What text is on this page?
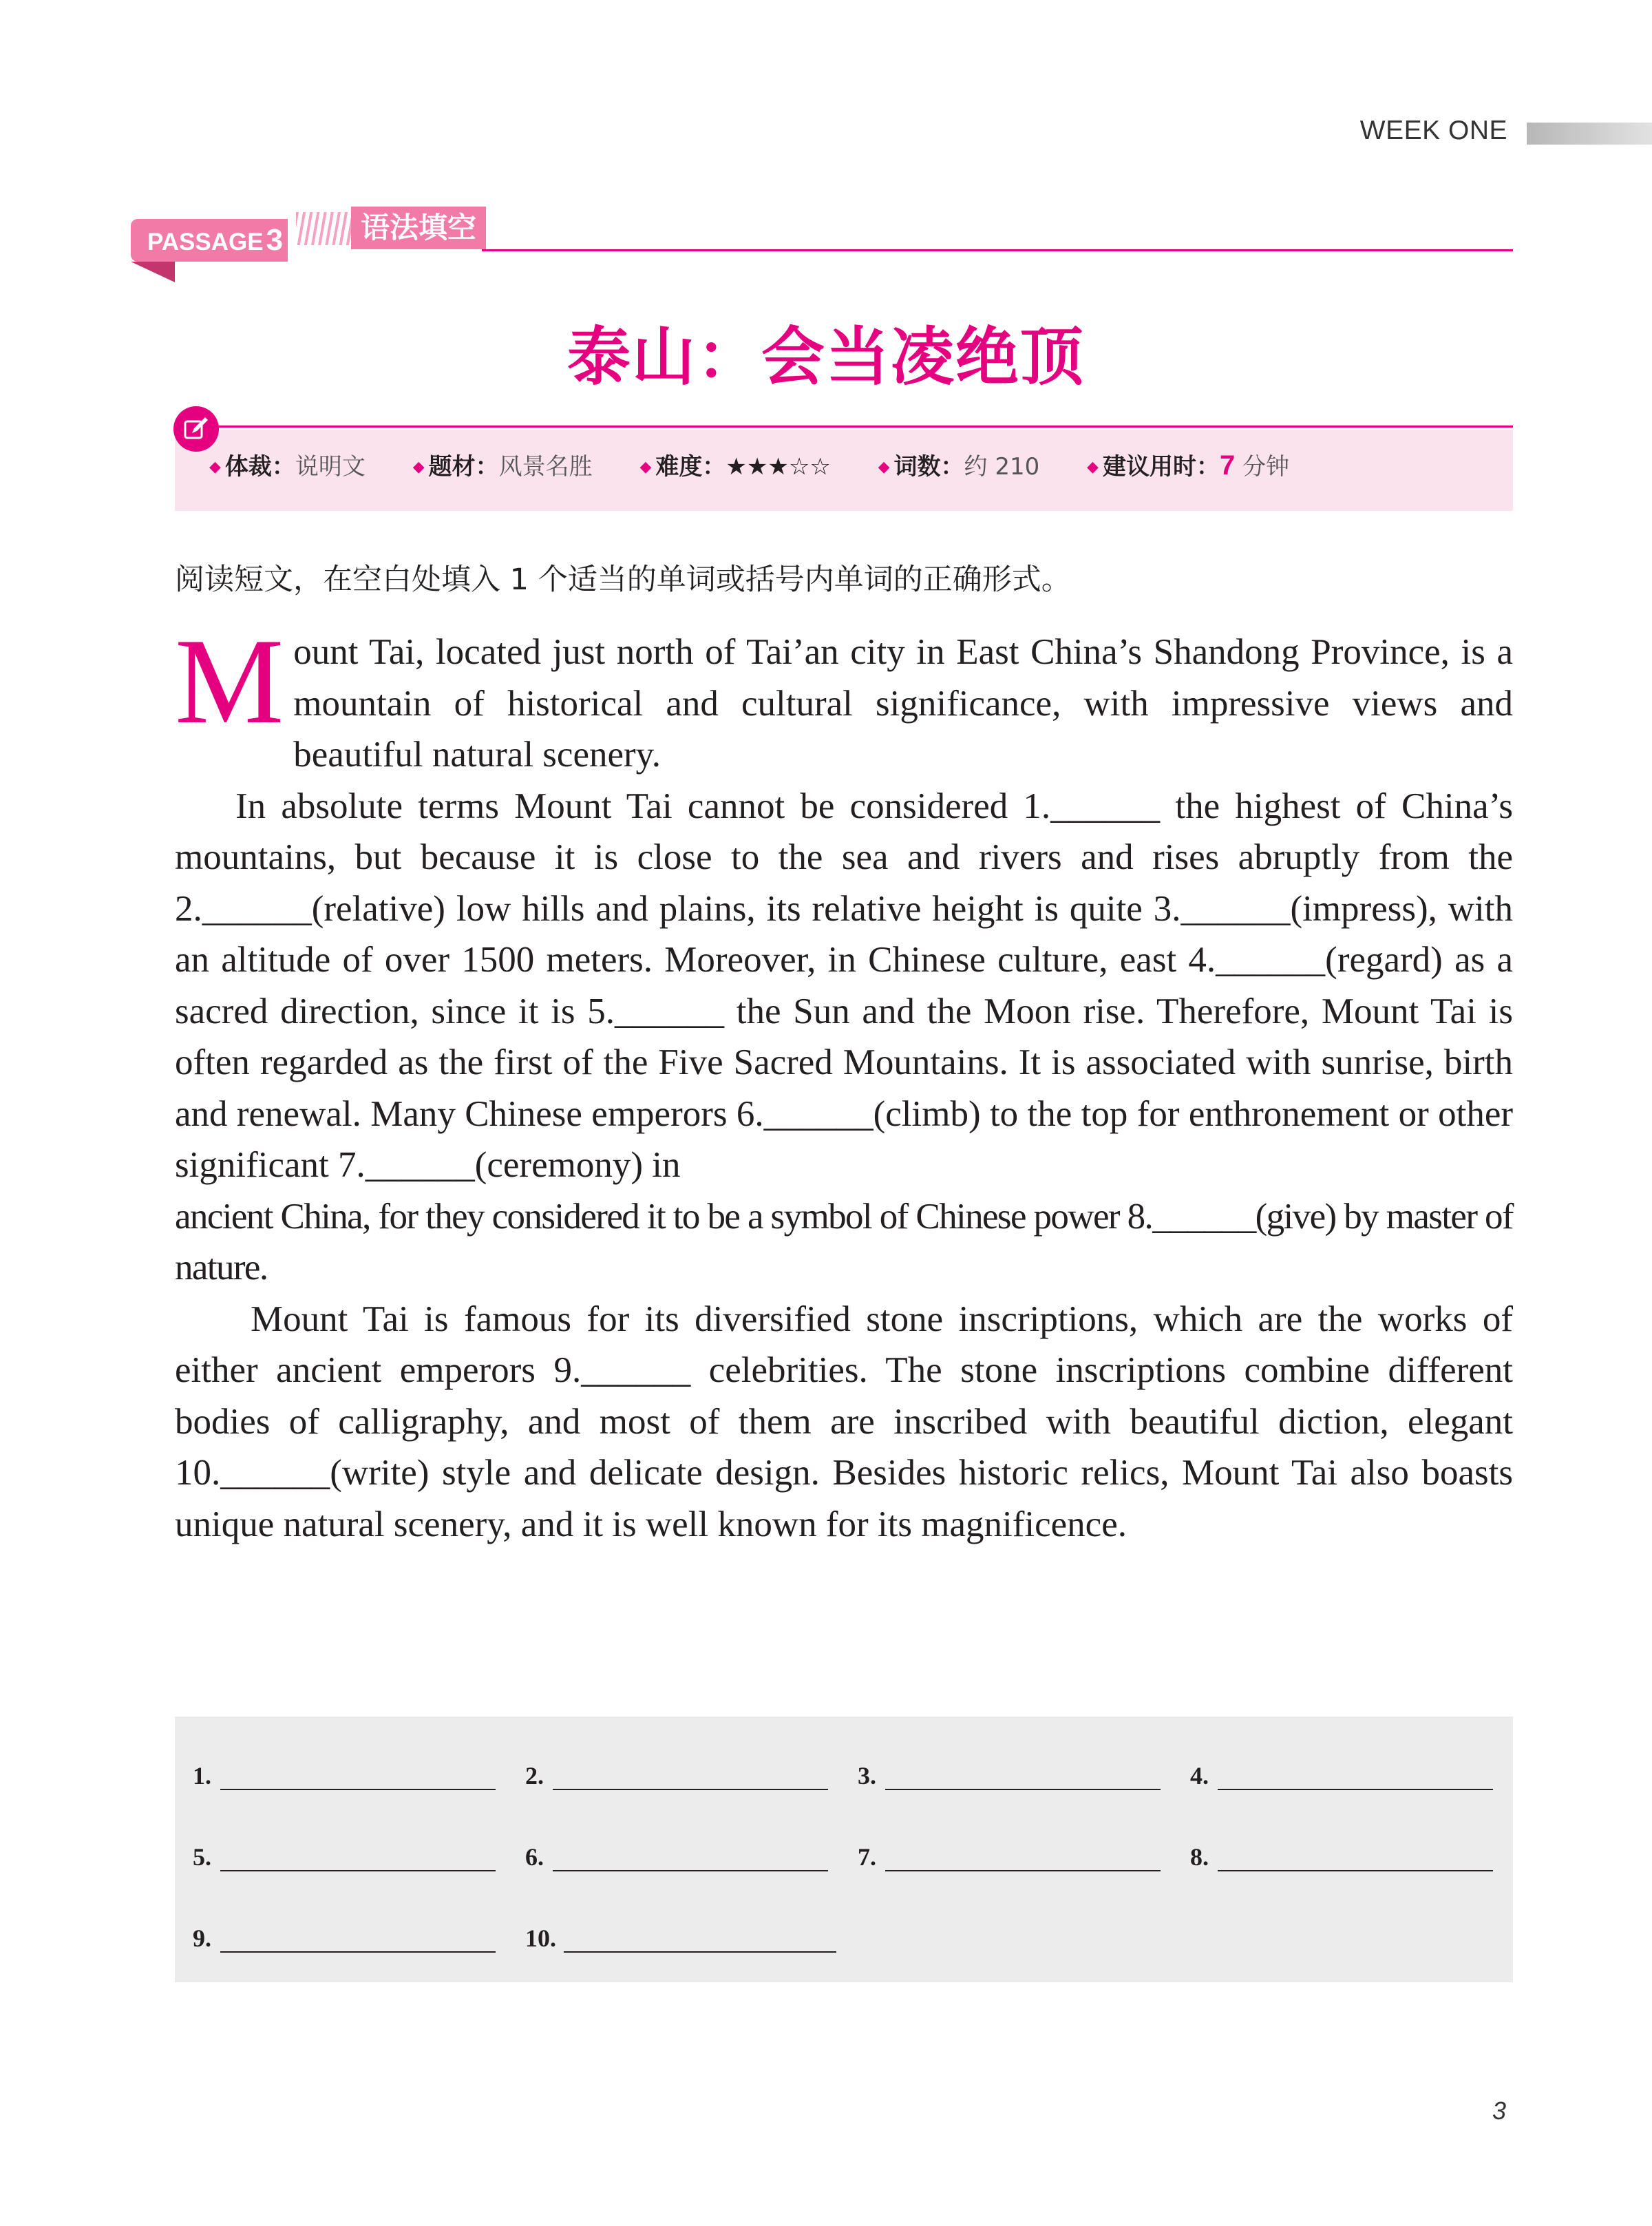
WEEK ONE
PASSAGE3	语法填空
泰山：会当凌绝顶
◆ 体裁 ： 说明文	◆ 题材 ： 风景名胜	◆ 难度 ： ★★★☆☆	◆ 词数 ： 约 210	◆ 建议用时 ： 7 分钟
阅读短文，在空白处填入 1 个适当的单词或括号内单词的正确形式。
M ount Tai, located just north of Tai’an city in East China’s Shandong Province, is a mountain of historical and cultural significance, with impressive views and beautiful natural scenery.

In absolute terms Mount Tai cannot be considered 1.______ the highest of China’s mountains, but because it is close to the sea and rivers and rises abruptly from the 2.______(relative) low hills and plains, its relative height is quite 3.______(impress), with an altitude of over 1500 meters. Moreover, in Chinese culture, east 4.______(regard) as a sacred direction, since it is 5.______ the Sun and the Moon rise. Therefore, Mount Tai is often regarded as the first of the Five Sacred Mountains. It is associated with sunrise, birth and renewal. Many Chinese emperors 6.______(climb) to the top for enthronement or other significant 7.______(ceremony) in

ancient China, for they considered it to be a symbol of Chinese power 8.______(give) by master of nature.

Mount Tai is famous for its diversified stone inscriptions, which are the works of either ancient emperors 9.______ celebrities. The stone inscriptions combine different bodies of calligraphy, and most of them are inscribed with beautiful diction, elegant 10.______(write) style and delicate design. Besides historic relics, Mount Tai also boasts unique natural scenery, and it is well known for its magnificence.

1.	2.	3.	4.
5.	6.	7.	8.
9.	10.
3
